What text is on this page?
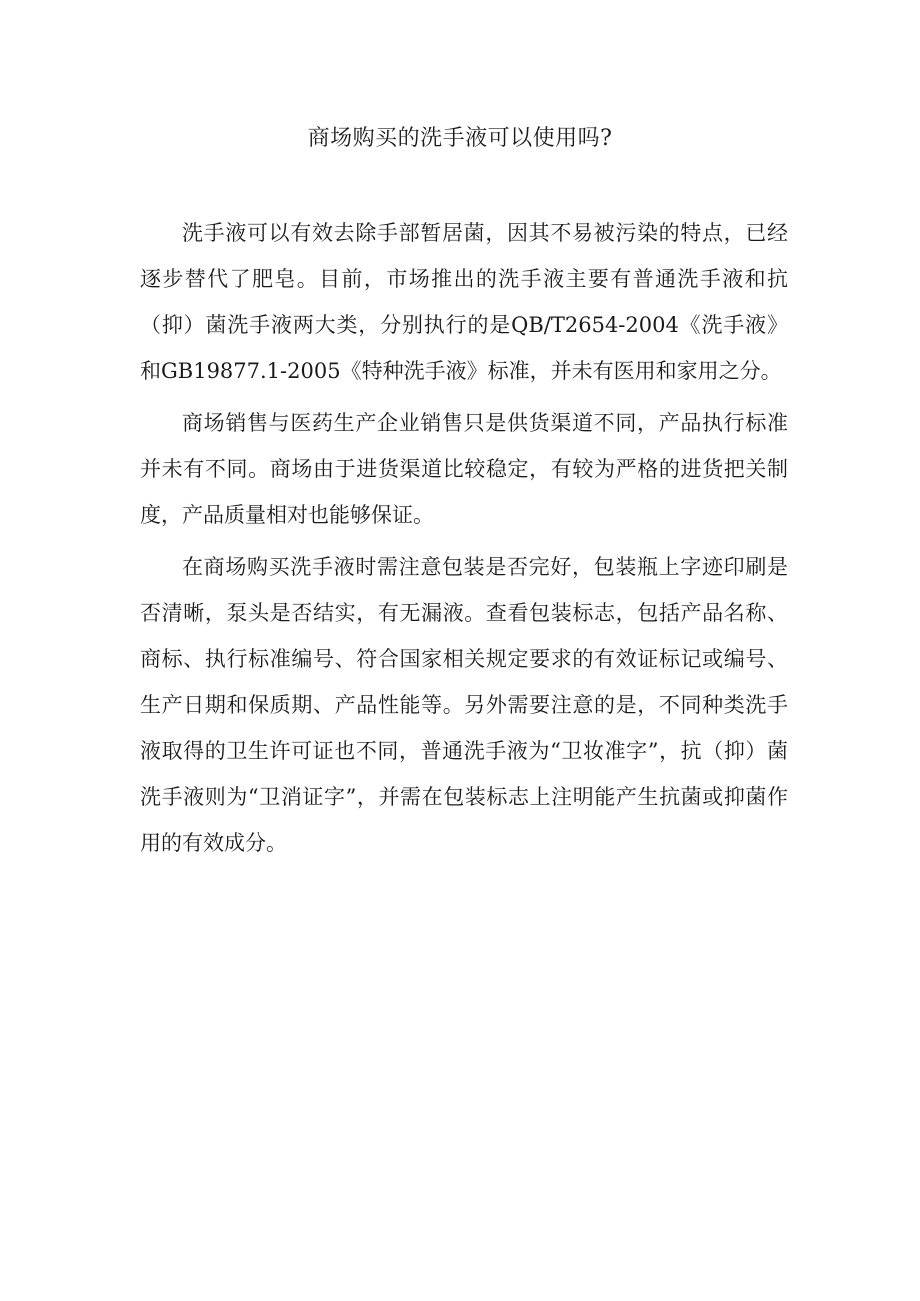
商场购买的洗手液可以使用吗?

洗手液可以有效去除手部暂居菌，因其不易被污染的特点，已经逐步替代了肥皂。目前，市场推出的洗手液主要有普通洗手液和抗（抑）菌洗手液两大类，分别执行的是QB/T2654-2004《洗手液》和GB19877.1-2005《特种洗手液》标准，并未有医用和家用之分。

商场销售与医药生产企业销售只是供货渠道不同，产品执行标准并未有不同。商场由于进货渠道比较稳定，有较为严格的进货把关制度，产品质量相对也能够保证。

在商场购买洗手液时需注意包装是否完好，包装瓶上字迹印刷是否清晰，泵头是否结实，有无漏液。查看包装标志，包括产品名称、商标、执行标准编号、符合国家相关规定要求的有效证标记或编号、生产日期和保质期、产品性能等。另外需要注意的是，不同种类洗手液取得的卫生许可证也不同，普通洗手液为“卫妆准字”，抗（抑）菌洗手液则为“卫消证字”，并需在包装标志上注明能产生抗菌或抑菌作用的有效成分。
